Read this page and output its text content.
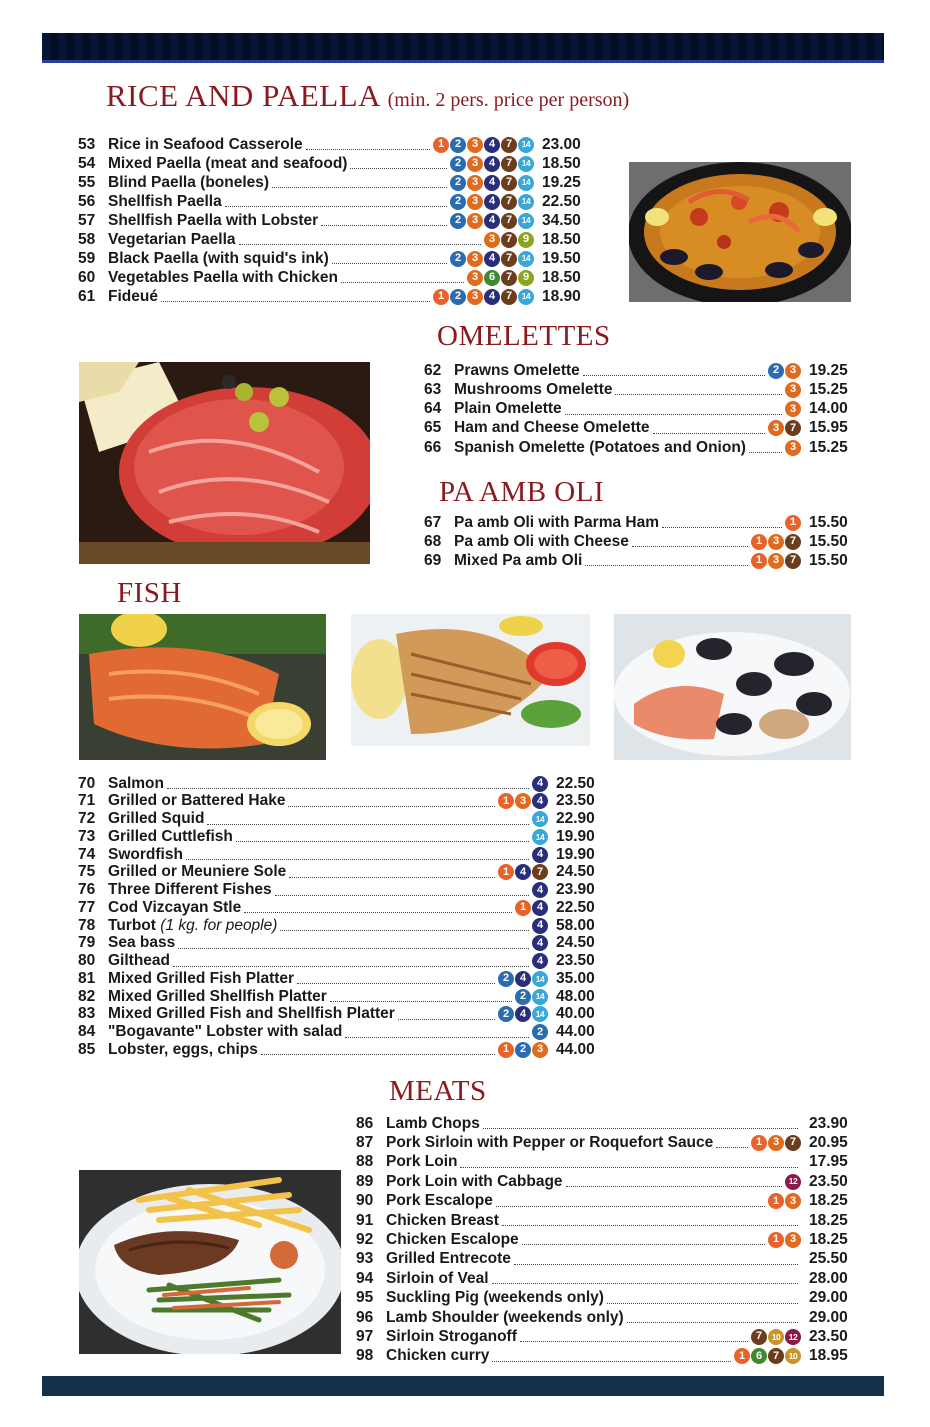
RICE AND PAELLA (min. 2 pers. price per person)
53 Rice in Seafood Casserole	1 2 3 4 7	14 23.00
54 Mixed Paella (meat and seafood)	2 3 4 7	14 18.50
55 Blind Paella (boneles)	2 3 4 7	14 19.25
56 Shellfish Paella	2 3 4 7	14 22.50
57 Shellfish Paella with Lobster	2 3 4 7	14 34.50
58 Vegetarian Paella	3 7 9 18.50
59 Black Paella (with squid's ink)	2 3 4 7	14 19.50
60 Vegetables Paella with Chicken	3 6 7 9 18.50
61 Fideué	1 2 3 4 7	14 18.90
OMELETTES
62 Prawns Omelette	2 3 19.25
63 Mushrooms Omelette	3 15.25
64 Plain Omelette	3 14.00
65 Ham and Cheese Omelette	3 7 15.95
66 Spanish Omelette (Potatoes and Onion)	3 15.25
PA AMB OLI
67 Pa amb Oli with Parma Ham	1 15.50
68 Pa amb Oli with Cheese	1 3 7 15.50
69 Mixed Pa amb Oli	1 3 7 15.50
FISH
70 Salmon	4 22.50
71 Grilled or Battered Hake	1 3 4 23.50
72 Grilled Squid	14 22.90
73 Grilled Cuttlefish	14 19.90
74 Swordfish	4 19.90
75 Grilled or Meuniere Sole	1 4 7 24.50
76 Three Different Fishes	4 23.90
77 Cod Vizcayan Stle	1 4 22.50
78 Turbot (1 kg. for people)	4 58.00
79 Sea bass	4 24.50
80 Gilthead	4 23.50
81 Mixed Grilled Fish Platter	2 4	14 35.00
82 Mixed Grilled Shellfish Platter	2	14 48.00
83 Mixed Grilled Fish and Shellfish Platter	2 4	14 40.00
84 "Bogavante" Lobster with salad	2 44.00
85 Lobster, eggs, chips	1 2 3 44.00
MEATS
86 Lamb Chops	23.90
87 Pork Sirloin with Pepper or Roquefort Sauce	1 3 7 20.95
88 Pork Loin	17.95
89 Pork Loin with Cabbage	12 23.50
90 Pork Escalope	1 3 18.25
91 Chicken Breast	18.25
92 Chicken Escalope	1 3 18.25
93 Grilled Entrecote	25.50
94 Sirloin of Veal	28.00
95 Suckling Pig (weekends only)	29.00
96 Lamb Shoulder (weekends only)	29.00
97 Sirloin Stroganoff	7	10	12 23.50
98 Chicken curry	1 6 7	10 18.95
